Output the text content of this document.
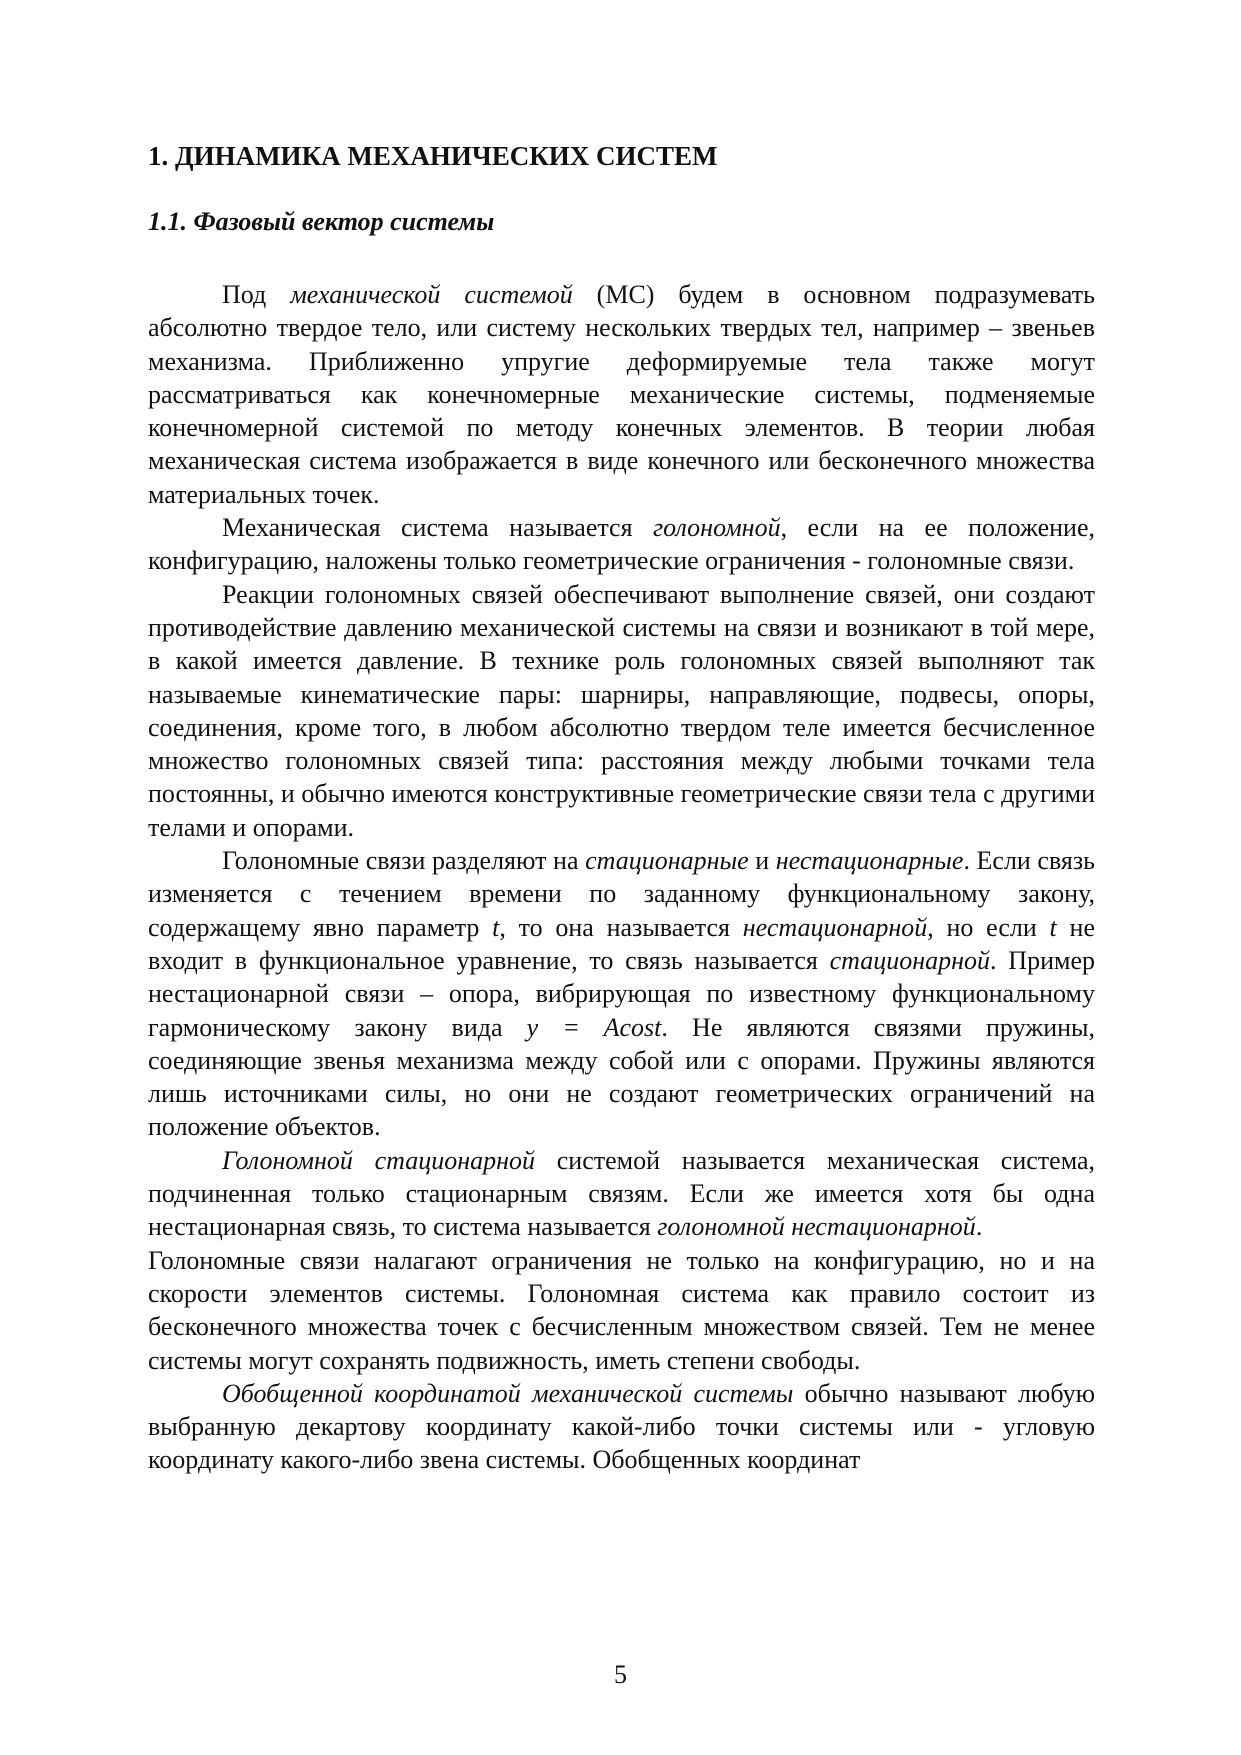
1. ДИНАМИКА МЕХАНИЧЕСКИХ СИСТЕМ
1.1. Фазовый вектор системы

Под механической системой (МС) будем в основном подразумевать абсолютно твердое тело, или систему нескольких твердых тел, например – звеньев механизма. Приближенно упругие деформируемые тела также могут рассматриваться как конечномерные механические системы, подменяемые конечномерной системой по методу конечных элементов. В теории любая механическая система изображается в виде конечного или бесконечного множества материальных точек.

Механическая система называется голономной, если на ее положение, конфигурацию, наложены только геометрические ограничения - голономные связи.

Реакции голономных связей обеспечивают выполнение связей, они создают противодействие давлению механической системы на связи и возникают в той мере, в какой имеется давление. В технике роль голономных связей выполняют так называемые кинематические пары: шарниры, направляющие, подвесы, опоры, соединения, кроме того, в любом абсолютно твердом теле имеется бесчисленное множество голономных связей типа: расстояния между любыми точками тела постоянны, и обычно имеются конструктивные геометрические связи тела с другими телами и опорами.

Голономные связи разделяют на стационарные и нестационарные. Если связь изменяется с течением времени по заданному функциональному закону, содержащему явно параметр t, то она называется нестационарной, но если t не входит в функциональное уравнение, то связь называется стационарной. Пример нестационарной связи – опора, вибрирующая по известному функциональному гармоническому закону вида y = Acost. Не являются связями пружины, соединяющие звенья механизма между собой или с опорами. Пружины являются лишь источниками силы, но они не создают геометрических ограничений на положение объектов.

Голономной стационарной системой называется механическая система, подчиненная только стационарным связям. Если же имеется хотя бы одна нестационарная связь, то система называется голономной нестационарной.

Голономные связи налагают ограничения не только на конфигурацию, но и на скорости элементов системы. Голономная система как правило состоит из бесконечного множества точек с бесчисленным множеством связей. Тем не менее системы могут сохранять подвижность, иметь степени свободы.

Обобщенной координатой механической системы обычно называют любую выбранную декартову координату какой-либо точки системы или - угловую координату какого-либо звена системы. Обобщенных координат

5
